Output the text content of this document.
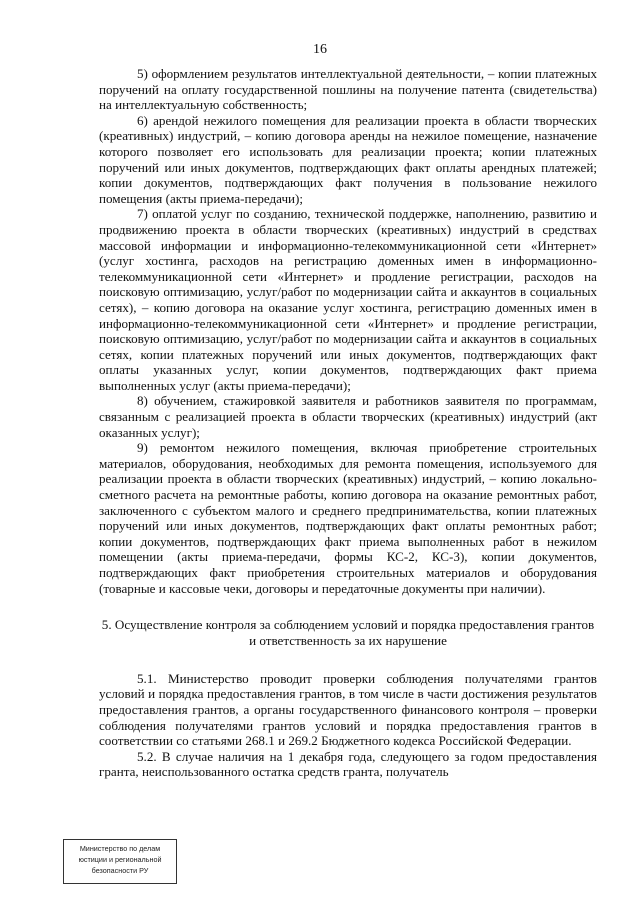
16

5) оформлением результатов интеллектуальной деятельности, – копии платежных поручений на оплату государственной пошлины на получение патента (свидетельства) на интеллектуальную собственность;

6) арендой нежилого помещения для реализации проекта в области творческих (креативных) индустрий, – копию договора аренды на нежилое помещение, назначение которого позволяет его использовать для реализации проекта; копии платежных поручений или иных документов, подтверждающих факт оплаты арендных платежей; копии документов, подтверждающих факт получения в пользование нежилого помещения (акты приема-передачи);

7) оплатой услуг по созданию, технической поддержке, наполнению, развитию и продвижению проекта в области творческих (креативных) индустрий в средствах массовой информации и информационно-телекоммуникационной сети «Интернет» (услуг хостинга, расходов на регистрацию доменных имен в информационно-телекоммуникационной сети «Интернет» и продление регистрации, расходов на поисковую оптимизацию, услуг/работ по модернизации сайта и аккаунтов в социальных сетях), – копию договора на оказание услуг хостинга, регистрацию доменных имен в информационно-телекоммуникационной сети «Интернет» и продление регистрации, поисковую оптимизацию, услуг/работ по модернизации сайта и аккаунтов в социальных сетях, копии платежных поручений или иных документов, подтверждающих факт оплаты указанных услуг, копии документов, подтверждающих факт приема выполненных услуг (акты приема-передачи);

8) обучением, стажировкой заявителя и работников заявителя по программам, связанным с реализацией проекта в области творческих (креативных) индустрий (акт оказанных услуг);

9) ремонтом нежилого помещения, включая приобретение строительных материалов, оборудования, необходимых для ремонта помещения, используемого для реализации проекта в области творческих (креативных) индустрий, – копию локально-сметного расчета на ремонтные работы, копию договора на оказание ремонтных работ, заключенного с субъектом малого и среднего предпринимательства, копии платежных поручений или иных документов, подтверждающих факт оплаты ремонтных работ; копии документов, подтверждающих факт приема выполненных работ в нежилом помещении (акты приема-передачи, формы КС-2, КС-3), копии документов, подтверждающих факт приобретения строительных материалов и оборудования (товарные и кассовые чеки, договоры и передаточные документы при наличии).

5. Осуществление контроля за соблюдением условий и порядка предоставления грантов и ответственность за их нарушение

5.1. Министерство проводит проверки соблюдения получателями грантов условий и порядка предоставления грантов, в том числе в части достижения результатов предоставления грантов, а органы государственного финансового контроля – проверки соблюдения получателями грантов условий и порядка предоставления грантов в соответствии со статьями 268.1 и 269.2 Бюджетного кодекса Российской Федерации.

5.2. В случае наличия на 1 декабря года, следующего за годом предоставления гранта, неиспользованного остатка средств гранта, получатель

Министерство по делам
юстиции и региональной
безопасности РУ
